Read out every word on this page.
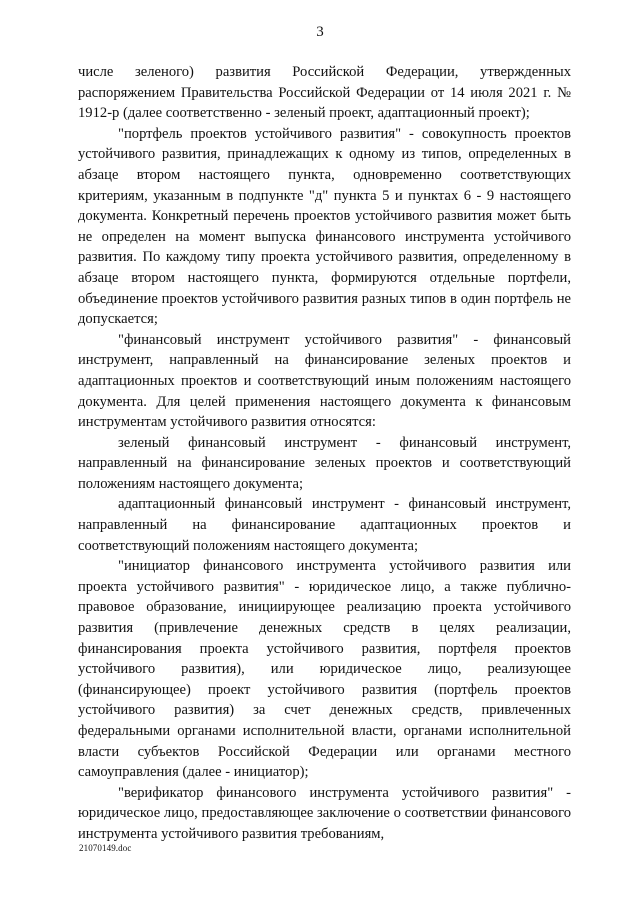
3

числе зеленого) развития Российской Федерации, утвержденных распоряжением Правительства Российской Федерации от 14 июля 2021 г. № 1912-р (далее соответственно - зеленый проект, адаптационный проект);

"портфель проектов устойчивого развития" - совокупность проектов устойчивого развития, принадлежащих к одному из типов, определенных в абзаце втором настоящего пункта, одновременно соответствующих критериям, указанным в подпункте "д" пункта 5 и пунктах 6 - 9 настоящего документа. Конкретный перечень проектов устойчивого развития может быть не определен на момент выпуска финансового инструмента устойчивого развития. По каждому типу проекта устойчивого развития, определенному в абзаце втором настоящего пункта, формируются отдельные портфели, объединение проектов устойчивого развития разных типов в один портфель не допускается;

"финансовый инструмент устойчивого развития" - финансовый инструмент, направленный на финансирование зеленых проектов и адаптационных проектов и соответствующий иным положениям настоящего документа. Для целей применения настоящего документа к финансовым инструментам устойчивого развития относятся:

зеленый финансовый инструмент - финансовый инструмент, направленный на финансирование зеленых проектов и соответствующий положениям настоящего документа;

адаптационный финансовый инструмент - финансовый инструмент, направленный на финансирование адаптационных проектов и соответствующий положениям настоящего документа;

"инициатор финансового инструмента устойчивого развития или проекта устойчивого развития" - юридическое лицо, а также публично-правовое образование, инициирующее реализацию проекта устойчивого развития (привлечение денежных средств в целях реализации, финансирования проекта устойчивого развития, портфеля проектов устойчивого развития), или юридическое лицо, реализующее (финансирующее) проект устойчивого развития (портфель проектов устойчивого развития) за счет денежных средств, привлеченных федеральными органами исполнительной власти, органами исполнительной власти субъектов Российской Федерации или органами местного самоуправления (далее - инициатор);

"верификатор финансового инструмента устойчивого развития" - юридическое лицо, предоставляющее заключение о соответствии финансового инструмента устойчивого развития требованиям,

21070149.doc
